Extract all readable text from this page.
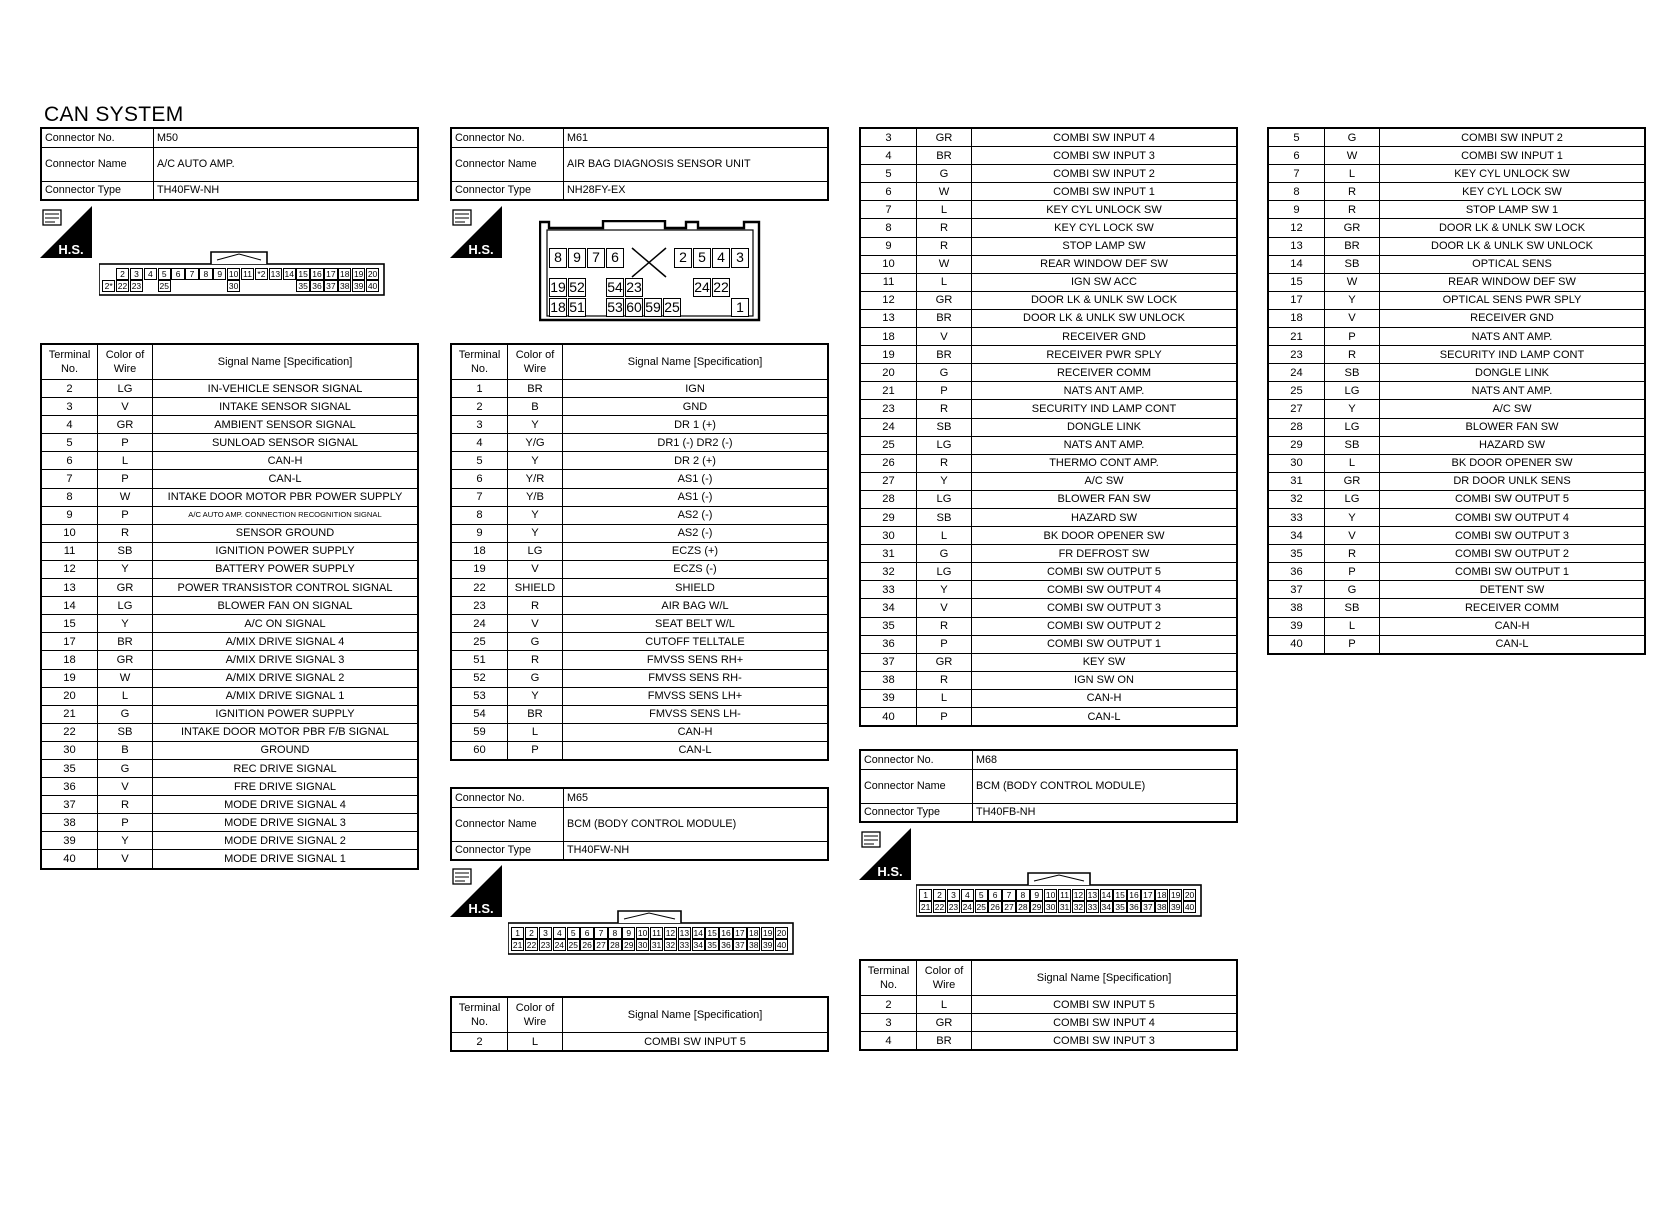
CAN SYSTEM
Connector No.	M50
Connector Name	A/C AUTO AMP.
Connector Type	TH40FW-NH
H.S.
2	3	4	5	6	7	8	9 10 11 *2 13 14 15 16 17 18 19 20
2* 22 23 25	30	35 36 37 38 39 40
Terminal No.	Color of Wire	Signal Name [Specification]
2	LG	IN-VEHICLE SENSOR SIGNAL
3	V	INTAKE SENSOR SIGNAL
4	GR	AMBIENT SENSOR SIGNAL
5	P	SUNLOAD SENSOR SIGNAL
6	L	CAN-H
7	P	CAN-L
8	W	INTAKE DOOR MOTOR PBR POWER SUPPLY
9	P	A/C AUTO AMP. CONNECTION RECOGNITION SIGNAL
10	R	SENSOR GROUND
11	SB	IGNITION POWER SUPPLY
12	Y	BATTERY POWER SUPPLY
13	GR	POWER TRANSISTOR CONTROL SIGNAL
14	LG	BLOWER FAN ON SIGNAL
15	Y	A/C ON SIGNAL
17	BR	A/MIX DRIVE SIGNAL 4
18	GR	A/MIX DRIVE SIGNAL 3
19	W	A/MIX DRIVE SIGNAL 2
20	L	A/MIX DRIVE SIGNAL 1
21	G	IGNITION POWER SUPPLY
22	SB	INTAKE DOOR MOTOR PBR F/B SIGNAL
30	B	GROUND
35	G	REC DRIVE SIGNAL
36	V	FRE DRIVE SIGNAL
37	R	MODE DRIVE SIGNAL 4
38	P	MODE DRIVE SIGNAL 3
39	Y	MODE DRIVE SIGNAL 2
40	V	MODE DRIVE SIGNAL 1
Connector No.	M61
Connector Name	AIR BAG DIAGNOSIS SENSOR UNIT
Connector Type	NH28FY-EX
H.S.	8 9 7 6	2 5 4 3
19 52 54 23	24 22
18 51 53 60 59 25	1
Terminal No.	Color of Wire	Signal Name [Specification]
1	BR	IGN
2	B	GND
3	Y	DR 1 (+)
4	Y/G	DR1 (-) DR2 (-)
5	Y	DR 2 (+)
6	Y/R	AS1 (-)
7	Y/B	AS1 (-)
8	Y	AS2 (-)
9	Y	AS2 (-)
18	LG	ECZS (+)
19	V	ECZS (-)
22	SHIELD	SHIELD
23	R	AIR BAG W/L
24	V	SEAT BELT W/L
25	G	CUTOFF TELLTALE
51	R	FMVSS SENS RH+
52	G	FMVSS SENS RH-
53	Y	FMVSS SENS LH+
54	BR	FMVSS SENS LH-
59	L	CAN-H
60	P	CAN-L
Connector No.	M65
Connector Name	BCM (BODY CONTROL MODULE)
Connector Type	TH40FW-NH
H.S.
1	2	3	4	5	6	7	8	9 10 11 12 13 14 15 16 17 18 19 20
21 22 23 24 25 26 27 28 29 30 31 32 33 34 35 36 37 38 39 40
Terminal No.	Color of Wire	Signal Name [Specification]
2	L	COMBI SW INPUT 5
3	GR	COMBI SW INPUT 4
4	BR	COMBI SW INPUT 3
5	G	COMBI SW INPUT 2
6	W	COMBI SW INPUT 1
7	L	KEY CYL UNLOCK SW
8	R	KEY CYL LOCK SW
9	R	STOP LAMP SW
10	W	REAR WINDOW DEF SW
11	L	IGN SW ACC
12	GR	DOOR LK & UNLK SW LOCK
13	BR	DOOR LK & UNLK SW UNLOCK
18	V	RECEIVER GND
19	BR	RECEIVER PWR SPLY
20	G	RECEIVER COMM
21	P	NATS ANT AMP.
23	R	SECURITY IND LAMP CONT
24	SB	DONGLE LINK
25	LG	NATS ANT AMP.
26	R	THERMO CONT AMP.
27	Y	A/C SW
28	LG	BLOWER FAN SW
29	SB	HAZARD SW
30	L	BK DOOR OPENER SW
31	G	FR DEFROST SW
32	LG	COMBI SW OUTPUT 5
33	Y	COMBI SW OUTPUT 4
34	V	COMBI SW OUTPUT 3
35	R	COMBI SW OUTPUT 2
36	P	COMBI SW OUTPUT 1
37	GR	KEY SW
38	R	IGN SW ON
39	L	CAN-H
40	P	CAN-L
Connector No.	M68
Connector Name	BCM (BODY CONTROL MODULE)
Connector Type	TH40FB-NH
H.S.
1	2	3	4	5	6	7	8	9 10 11 12 13 14 15 16 17 18 19 20
21 22 23 24 25 26 27 28 29 30 31 32 33 34 35 36 37 38 39 40
Terminal No.	Color of Wire	Signal Name [Specification]
2	L	COMBI SW INPUT 5
3	GR	COMBI SW INPUT 4
4	BR	COMBI SW INPUT 3
5	G	COMBI SW INPUT 2
6	W	COMBI SW INPUT 1
7	L	KEY CYL UNLOCK SW
8	R	KEY CYL LOCK SW
9	R	STOP LAMP SW 1
12	GR	DOOR LK & UNLK SW LOCK
13	BR	DOOR LK & UNLK SW UNLOCK
14	SB	OPTICAL SENS
15	W	REAR WINDOW DEF SW
17	Y	OPTICAL SENS PWR SPLY
18	V	RECEIVER GND
21	P	NATS ANT AMP.
23	R	SECURITY IND LAMP CONT
24	SB	DONGLE LINK
25	LG	NATS ANT AMP.
27	Y	A/C SW
28	LG	BLOWER FAN SW
29	SB	HAZARD SW
30	L	BK DOOR OPENER SW
31	GR	DR DOOR UNLK SENS
32	LG	COMBI SW OUTPUT 5
33	Y	COMBI SW OUTPUT 4
34	V	COMBI SW OUTPUT 3
35	R	COMBI SW OUTPUT 2
36	P	COMBI SW OUTPUT 1
37	G	DETENT SW
38	SB	RECEIVER COMM
39	L	CAN-H
40	P	CAN-L
